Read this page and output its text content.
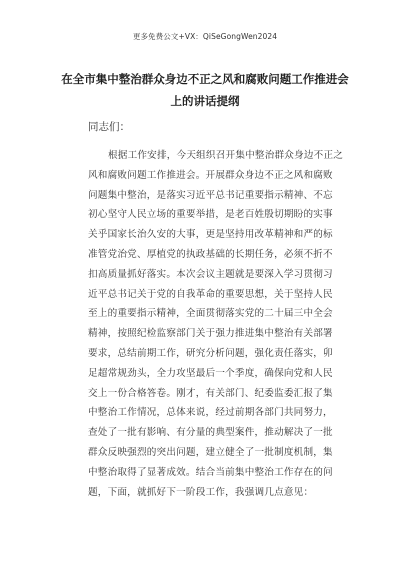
更多免费公文+VX：QiSeGongWen2024
在全市集中整治群众身边不正之风和腐败问题工作推进会
上的讲话提纲
同志们：
根据工作安排，今天组织召开集中整治群众身边不正之
风和腐败问题工作推进会。开展群众身边不正之风和腐败
问题集中整治，是落实习近平总书记重要指示精神、不忘
初心坚守人民立场的重要举措，是老百姓殷切期盼的实事
关乎国家长治久安的大事，更是坚持用改革精神和严的标
准管党治党、厚植党的执政基础的长期任务，必须不折不
扣高质量抓好落实。本次会议主题就是要深入学习贯彻习
近平总书记关于党的自我革命的重要思想，关于坚持人民
至上的重要指示精神，全面贯彻落实党的二十届三中全会
精神，按照纪检监察部门关于强力推进集中整治有关部署
要求，总结前期工作，研究分析问题，强化责任落实，卯
足超常规劲头，全力攻坚最后一个季度，确保向党和人民
交上一份合格答卷。刚才，有关部门、纪委监委汇报了集
中整治工作情况，总体来说，经过前期各部门共同努力，
查处了一批有影响、有分量的典型案件，推动解决了一批
群众反映强烈的突出问题，建立健全了一批制度机制，集
中整治取得了显著成效。结合当前集中整治工作存在的问
题，下面，就抓好下一阶段工作，我强调几点意见：
